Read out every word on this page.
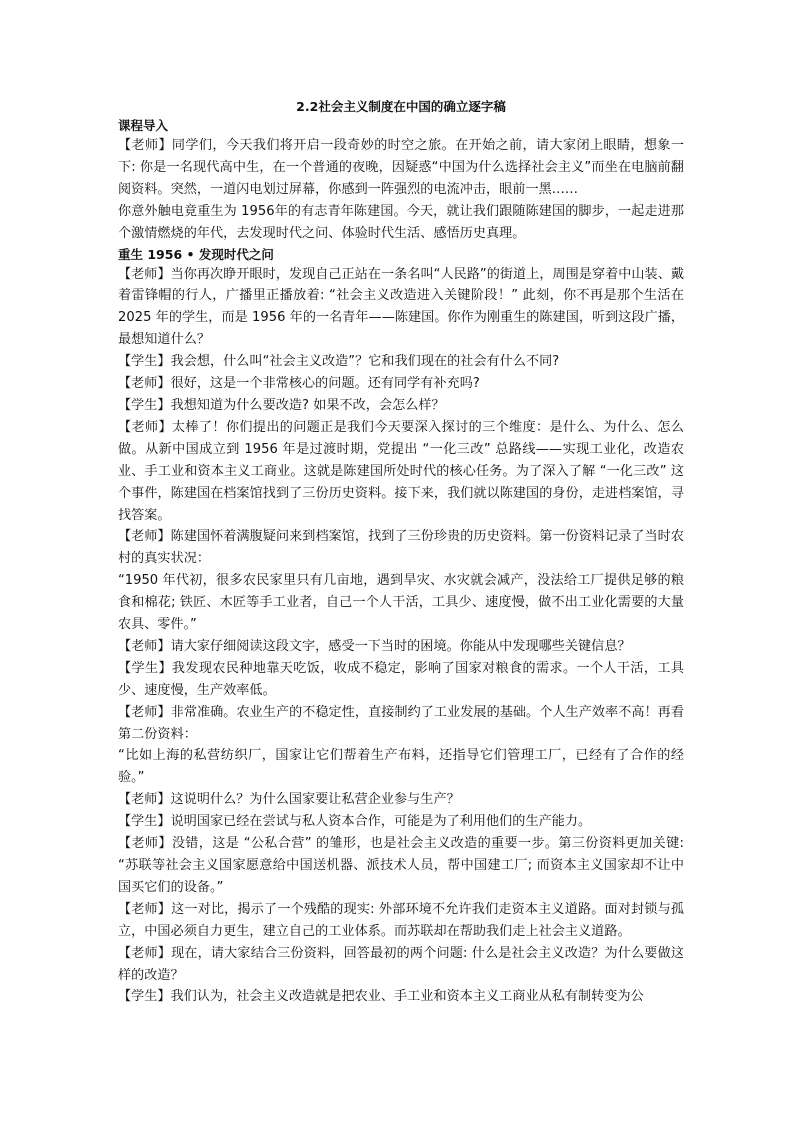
2.2社会主义制度在中国的确立逐字稿

课程导入

【老师】同学们，今天我们将开启一段奇妙的时空之旅。在开始之前，请大家闭上眼睛，想象一下: 你是一名现代高中生，在一个普通的夜晚，因疑惑“中国为什么选择社会主义”而坐在电脑前翻阅资料。突然，一道闪电划过屏幕，你感到一阵强烈的电流冲击，眼前一黑……

你意外触电竟重生为 1956年的有志青年陈建国。今天，就让我们跟随陈建国的脚步，一起走进那个激情燃烧的年代，去发现时代之问、体验时代生活、感悟历史真理。

重生 1956 • 发现时代之问

【老师】当你再次睁开眼时，发现自己正站在一条名叫“人民路”的街道上，周围是穿着中山装、戴着雷锋帽的行人，广播里正播放着: “社会主义改造进入关键阶段！” 此刻，你不再是那个生活在 2025 年的学生，而是 1956 年的一名青年——陈建国。你作为刚重生的陈建国，听到这段广播，最想知道什么？

【学生】我会想，什么叫“社会主义改造”？它和我们现在的社会有什么不同?

【老师】很好，这是一个非常核心的问题。还有同学有补充吗?

【学生】我想知道为什么要改造? 如果不改，会怎么样？

【老师】太棒了！你们提出的问题正是我们今天要深入探讨的三个维度：是什么、为什么、怎么做。从新中国成立到 1956 年是过渡时期，党提出 “一化三改” 总路线——实现工业化，改造农业、手工业和资本主义工商业。这就是陈建国所处时代的核心任务。为了深入了解 “一化三改” 这个事件，陈建国在档案馆找到了三份历史资料。接下来，我们就以陈建国的身份，走进档案馆，寻找答案。

【老师】陈建国怀着满腹疑问来到档案馆，找到了三份珍贵的历史资料。第一份资料记录了当时农村的真实状况：

“1950 年代初，很多农民家里只有几亩地，遇到旱灾、水灾就会减产，没法给工厂提供足够的粮食和棉花; 铁匠、木匠等手工业者，自己一个人干活，工具少、速度慢，做不出工业化需要的大量农具、零件。”

【老师】请大家仔细阅读这段文字，感受一下当时的困境。你能从中发现哪些关键信息？

【学生】我发现农民种地靠天吃饭，收成不稳定，影响了国家对粮食的需求。一个人干活，工具少、速度慢，生产效率低。

【老师】非常准确。农业生产的不稳定性，直接制约了工业发展的基础。个人生产效率不高！再看第二份资料：

“比如上海的私营纺织厂，国家让它们帮着生产布料，还指导它们管理工厂，已经有了合作的经验。”

【老师】这说明什么？为什么国家要让私营企业参与生产？

【学生】说明国家已经在尝试与私人资本合作，可能是为了利用他们的生产能力。

【老师】没错，这是 “公私合营” 的雏形，也是社会主义改造的重要一步。第三份资料更加关键: “苏联等社会主义国家愿意给中国送机器、派技术人员，帮中国建工厂; 而资本主义国家却不让中国买它们的设备。”

【老师】这一对比，揭示了一个残酷的现实: 外部环境不允许我们走资本主义道路。面对封锁与孤立，中国必须自力更生，建立自己的工业体系。而苏联却在帮助我们走上社会主义道路。

【老师】现在，请大家结合三份资料，回答最初的两个问题: 什么是社会主义改造？为什么要做这样的改造？

【学生】我们认为，社会主义改造就是把农业、手工业和资本主义工商业从私有制转变为公
